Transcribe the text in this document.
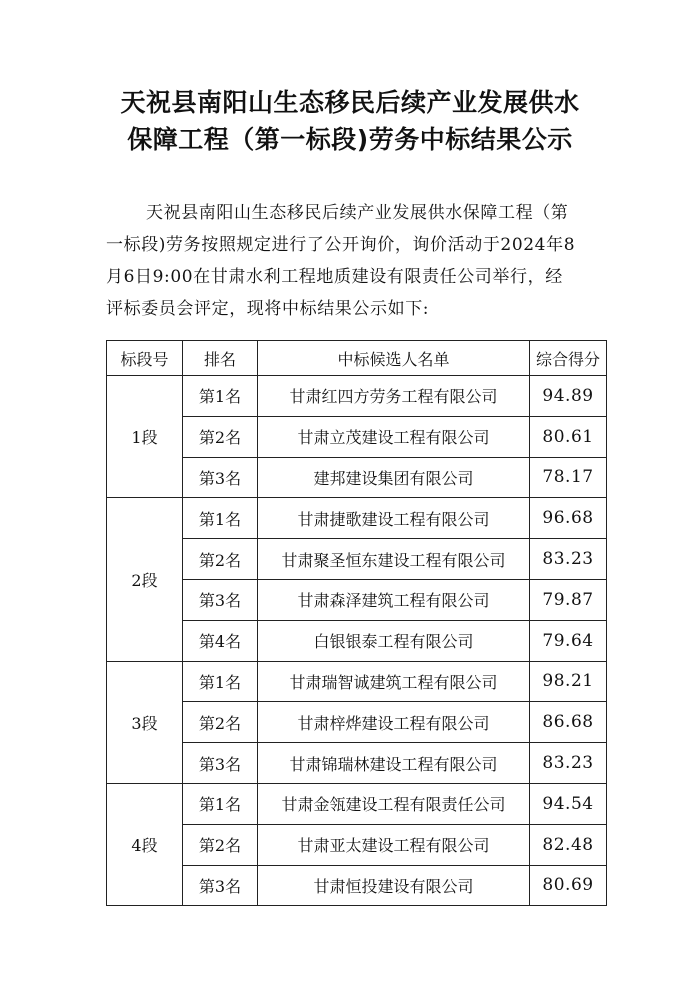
天祝县南阳山生态移民后续产业发展供水
保障工程（第一标段)劳务中标结果公示
天祝县南阳山生态移民后续产业发展供水保障工程（第
一标段)劳务按照规定进行了公开询价，询价活动于2024年8
月6日9:00在甘肃水利工程地质建设有限责任公司举行，经
评标委员会评定，现将中标结果公示如下:
标段号	排名	中标候选人名单	综合得分
1段	第1名	甘肃红四方劳务工程有限公司	94.89
	第2名	甘肃立茂建设工程有限公司	80.61
	第3名	建邦建设集团有限公司	78.17
2段	第1名	甘肃捷歌建设工程有限公司	96.68
	第2名	甘肃聚圣恒东建设工程有限公司	83.23
	第3名	甘肃森泽建筑工程有限公司	79.87
	第4名	白银银泰工程有限公司	79.64
3段	第1名	甘肃瑞智诚建筑工程有限公司	98.21
	第2名	甘肃梓烨建设工程有限公司	86.68
	第3名	甘肃锦瑞林建设工程有限公司	83.23
4段	第1名	甘肃金瓴建设工程有限责任公司	94.54
	第2名	甘肃亚太建设工程有限公司	82.48
	第3名	甘肃恒投建设有限公司	80.69
